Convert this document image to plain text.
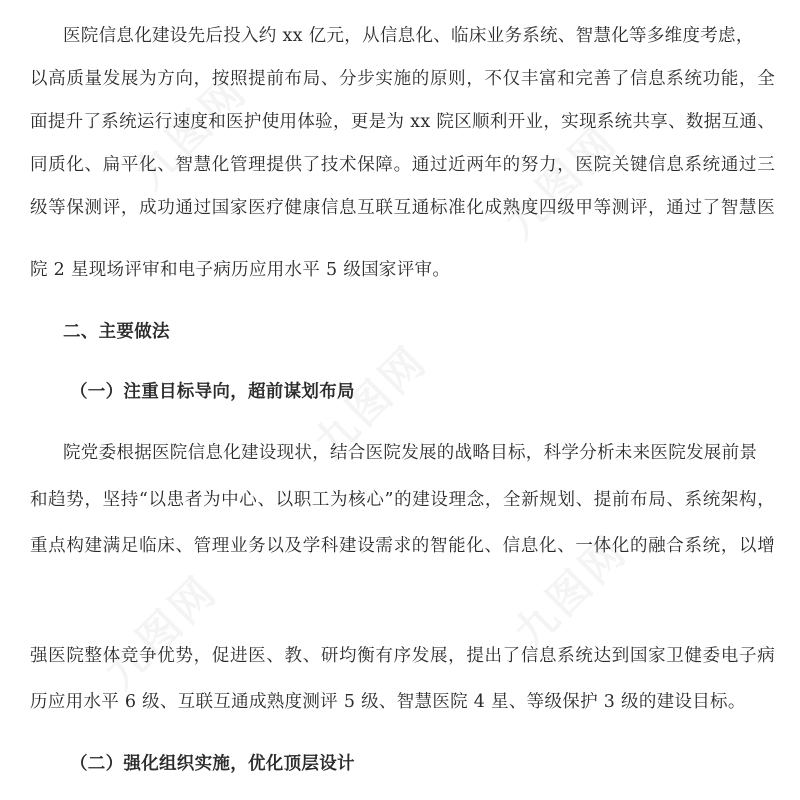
九图网	九图网
九图网
九图网	九图网
医院信息化建设先后投入约 xx 亿元，从信息化、临床业务系统、智慧化等多维度考虑，
以高质量发展为方向，按照提前布局、分步实施的原则，不仅丰富和完善了信息系统功能，全
面提升了系统运行速度和医护使用体验，更是为 xx 院区顺利开业，实现系统共享、数据互通、
同质化、扁平化、智慧化管理提供了技术保障。通过近两年的努力，医院关键信息系统通过三
级等保测评，成功通过国家医疗健康信息互联互通标准化成熟度四级甲等测评，通过了智慧医
院 2 星现场评审和电子病历应用水平 5 级国家评审。
二、主要做法
（一）注重目标导向，超前谋划布局
院党委根据医院信息化建设现状，结合医院发展的战略目标，科学分析未来医院发展前景
和趋势，坚持“以患者为中心、以职工为核心”的建设理念，全新规划、提前布局、系统架构，
重点构建满足临床、管理业务以及学科建设需求的智能化、信息化、一体化的融合系统，以增
强医院整体竞争优势，促进医、教、研均衡有序发展，提出了信息系统达到国家卫健委电子病
历应用水平 6 级、互联互通成熟度测评 5 级、智慧医院 4 星、等级保护 3 级的建设目标。
（二）强化组织实施，优化顶层设计
